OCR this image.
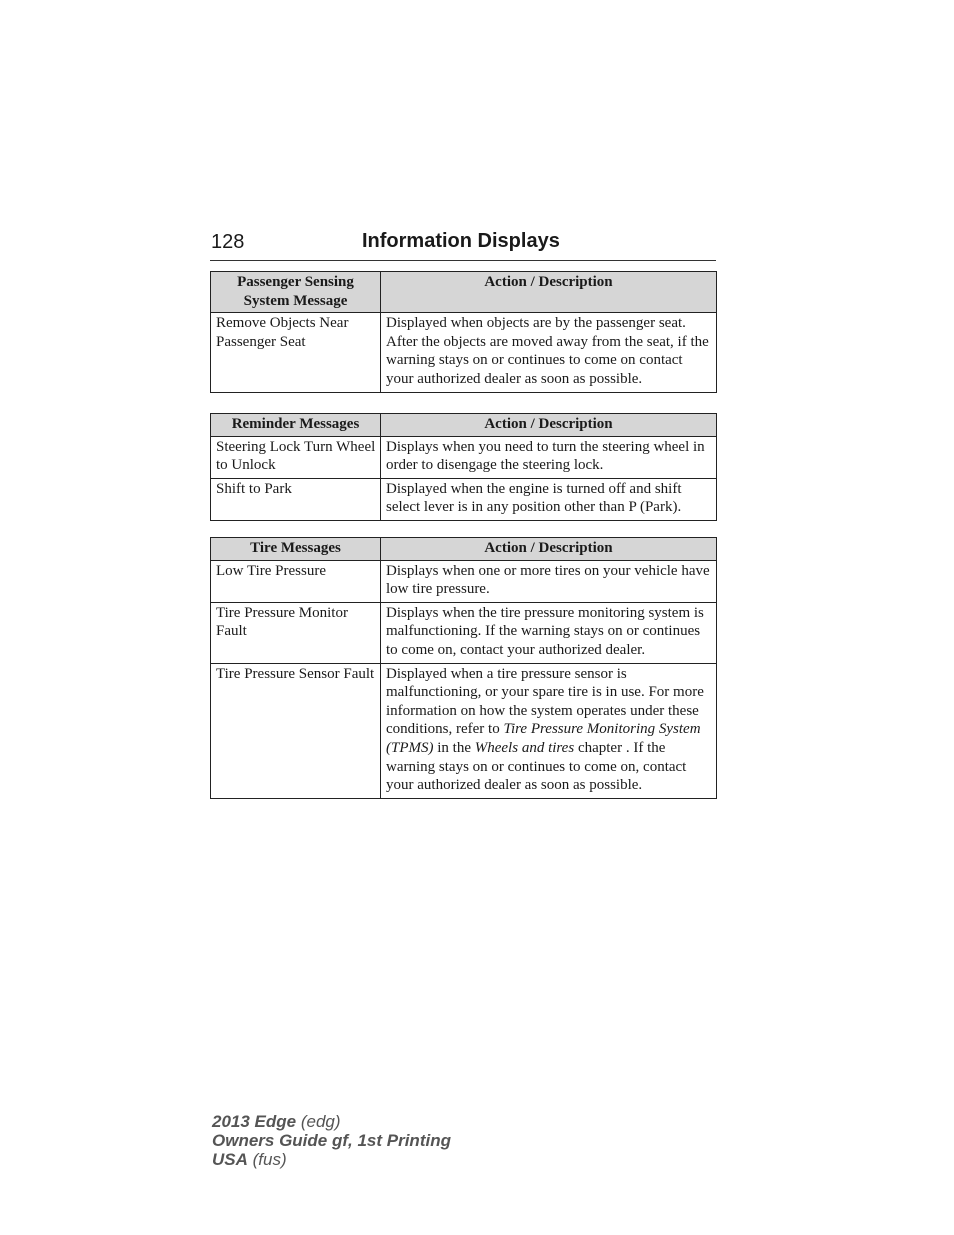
128	Information Displays
Passenger Sensing System Message	Action / Description
Remove Objects Near Passenger Seat	Displayed when objects are by the passenger seat. After the objects are moved away from the seat, if the warning stays on or continues to come on contact your authorized dealer as soon as possible.
Reminder Messages	Action / Description
Steering Lock Turn Wheel to Unlock	Displays when you need to turn the steering wheel in order to disengage the steering lock.
Shift to Park	Displayed when the engine is turned off and shift select lever is in any position other than P (Park).
Tire Messages	Action / Description
Low Tire Pressure	Displays when one or more tires on your vehicle have low tire pressure.
Tire Pressure Monitor Fault	Displays when the tire pressure monitoring system is malfunctioning. If the warning stays on or continues to come on, contact your authorized dealer.
Tire Pressure Sensor Fault	Displayed when a tire pressure sensor is malfunctioning, or your spare tire is in use. For more information on how the system operates under these conditions, refer to Tire Pressure Monitoring System (TPMS) in the Wheels and tires chapter . If the warning stays on or continues to come on, contact your authorized dealer as soon as possible.
2013 Edge (edg)
Owners Guide gf, 1st Printing
USA (fus)
